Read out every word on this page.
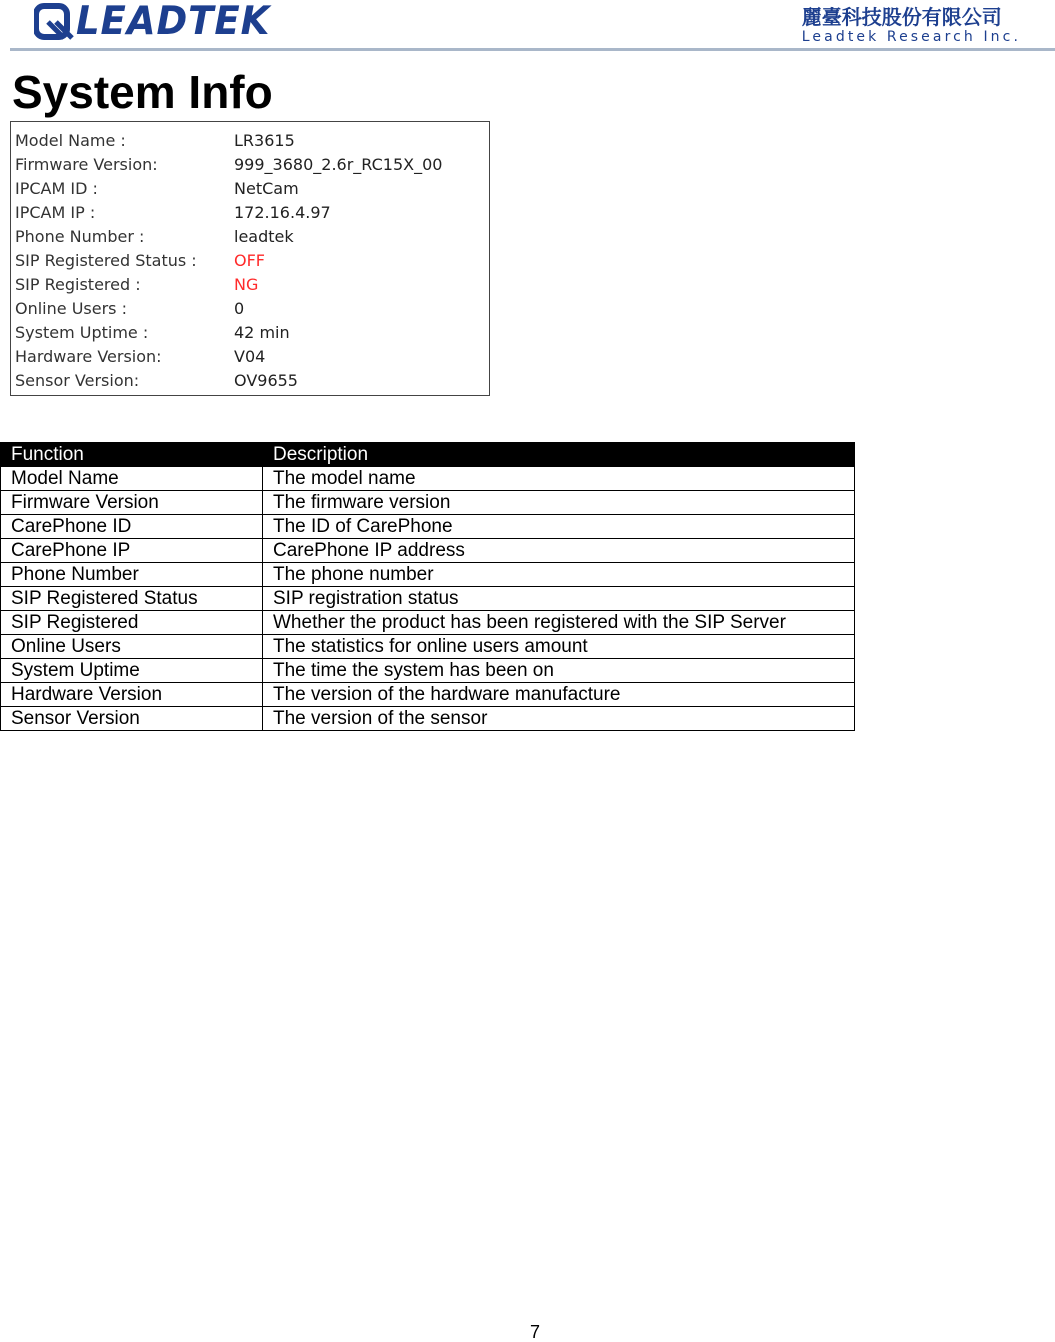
LEADTEK	麗臺科技股份有限公司
Leadtek Research Inc.
System Info
Model Name :	LR3615
Firmware Version:	999_3680_2.6r_RC15X_00
IPCAM ID :	NetCam
IPCAM IP :	172.16.4.97
Phone Number :	leadtek
SIP Registered Status : OFF
SIP Registered :	NG
Online Users :	0
System Uptime :	42 min
Hardware Version:	V04
Sensor Version:	OV9655
Function	Description
Model Name	The model name
Firmware Version	The firmware version
CarePhone ID	The ID of CarePhone
CarePhone IP	CarePhone IP address
Phone Number	The phone number
SIP Registered Status	SIP registration status
SIP Registered	Whether the product has been registered with the SIP Server
Online Users	The statistics for online users amount
System Uptime	The time the system has been on
Hardware Version	The version of the hardware manufacture
Sensor Version	The version of the sensor
7
